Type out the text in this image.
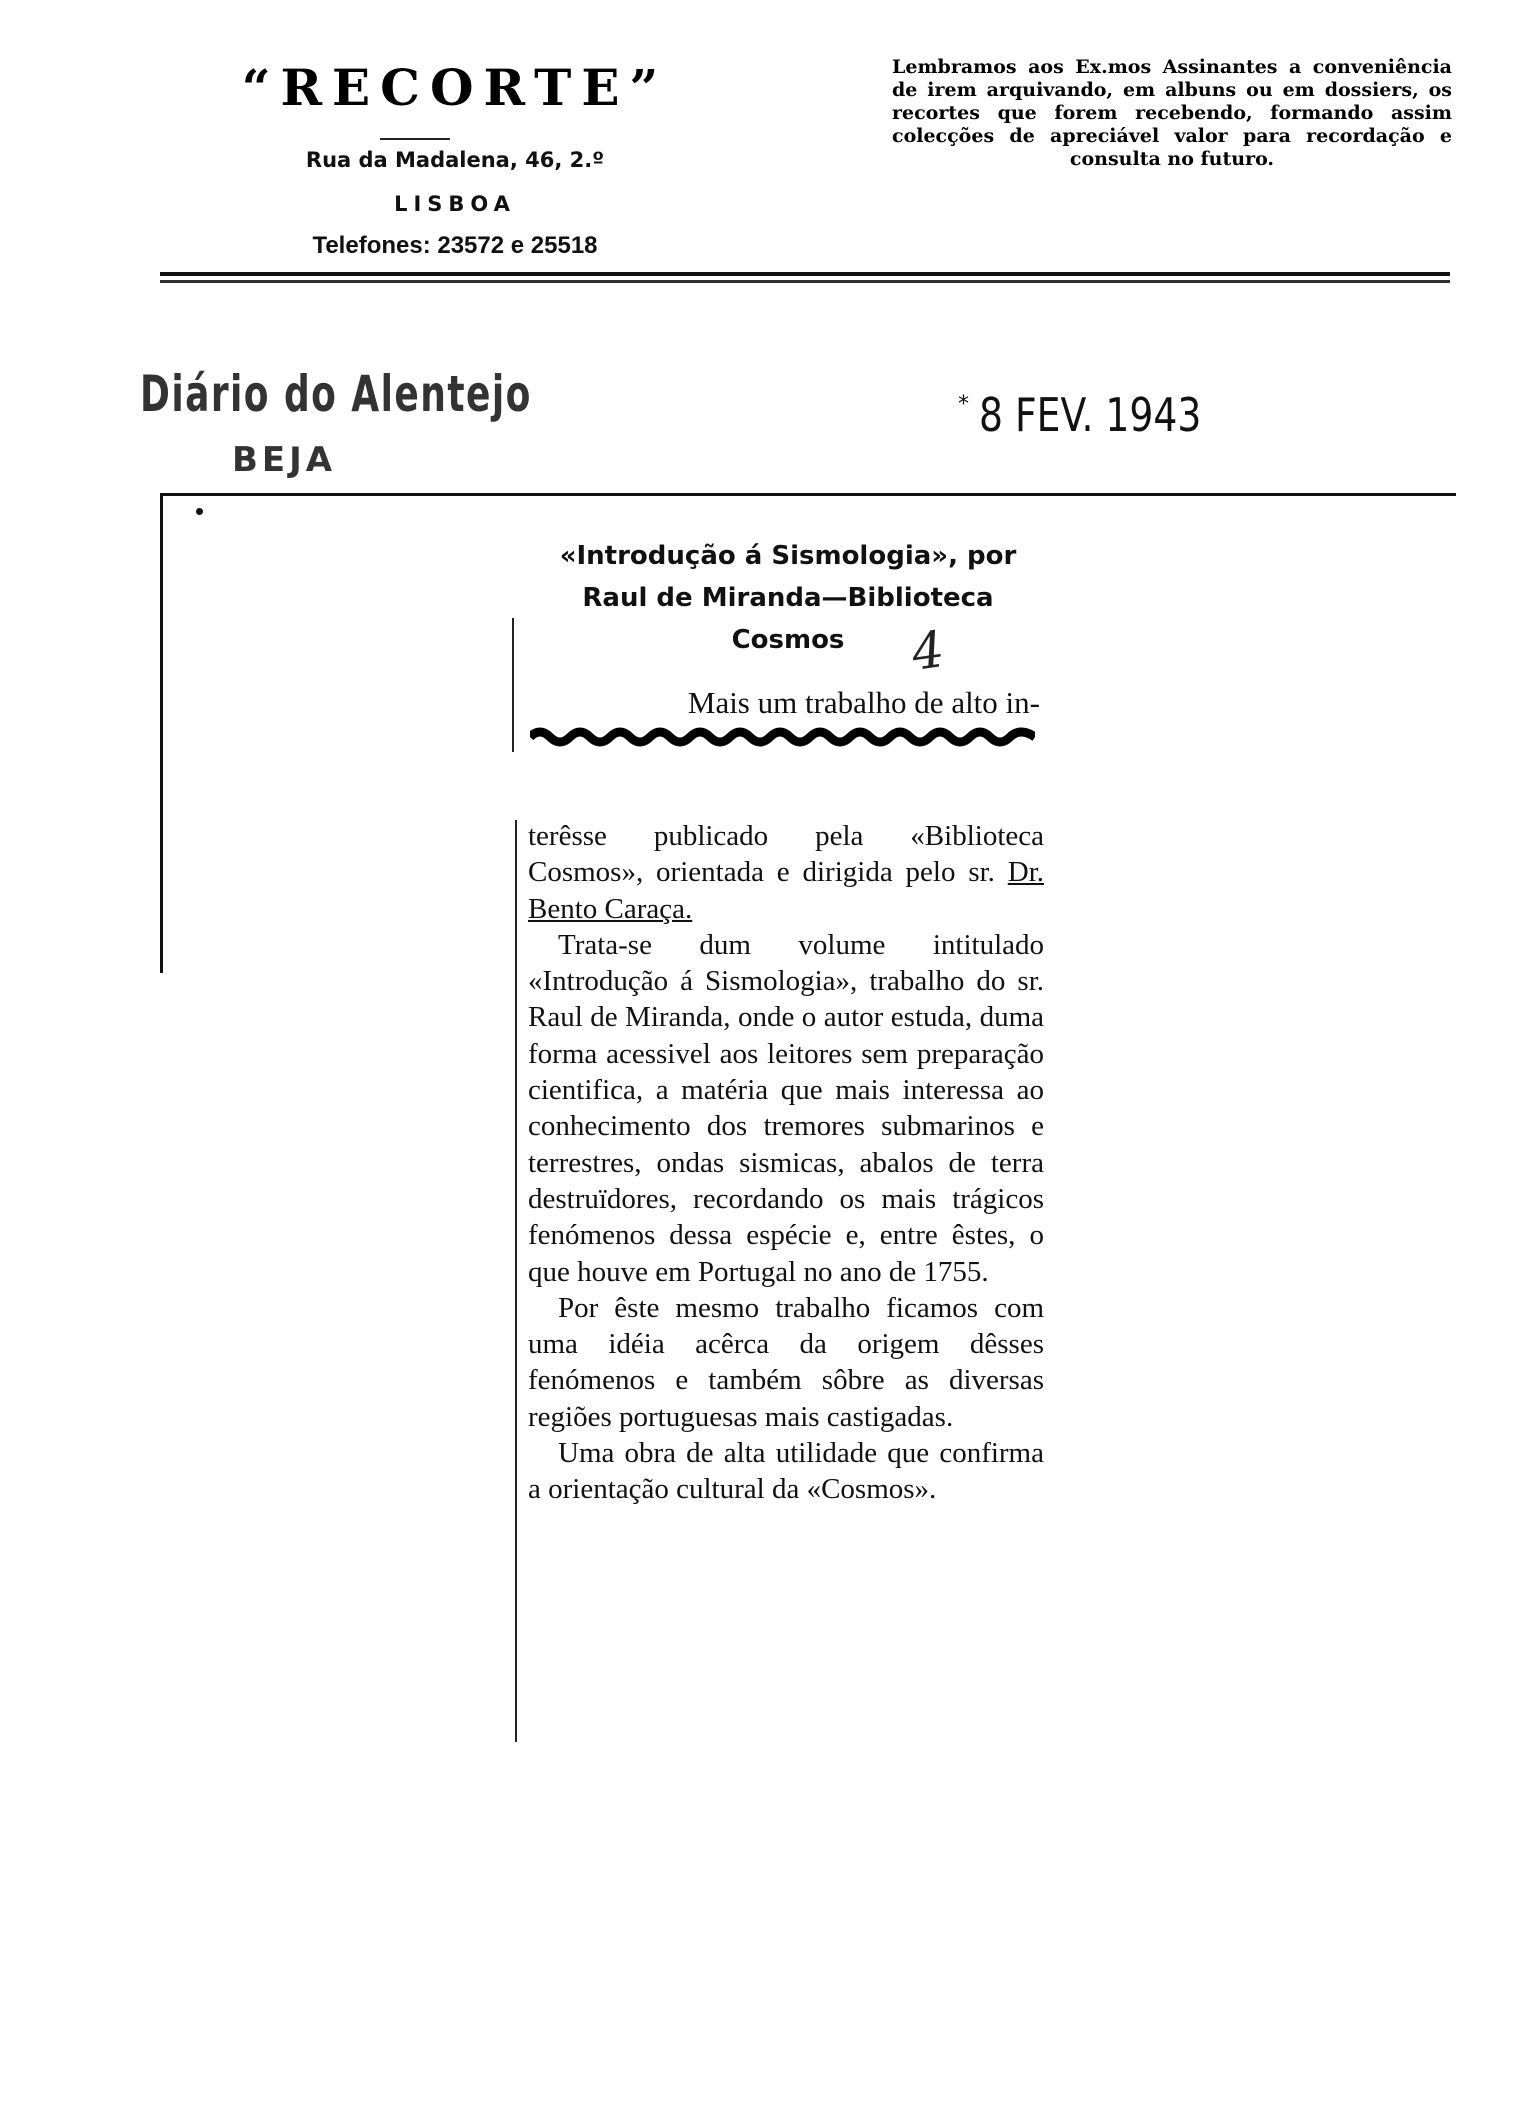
“RECORTE”
Rua da Madalena, 46, 2.º
LISBOA
Telefones: 23572 e 25518
Lembramos aos Ex.mos Assinantes a conveniência de irem arquivando, em albuns ou em dossiers, os recortes que forem recebendo, formando assim colecções de apreciável valor para recordação e consulta no futuro.
Diário do Alentejo
BEJA
* 8 FEV. 1943
«Introdução á Sismologia», por
Raul de Miranda—Biblioteca
Cosmos	4
Mais um trabalho de alto in-

terêsse publicado pela «Biblioteca Cosmos», orientada e dirigida pelo sr. Dr. Bento Caraça.

Trata-se dum volume intitulado «Introdução á Sismologia», trabalho do sr. Raul de Miranda, onde o autor estuda, duma forma acessivel aos leitores sem preparação cientifica, a matéria que mais interessa ao conhecimento dos tremores submarinos e terrestres, ondas sismicas, abalos de terra destruïdores, recordando os mais trágicos fenómenos dessa espécie e, entre êstes, o que houve em Portugal no ano de 1755.

Por êste mesmo trabalho ficamos com uma idéia acêrca da origem dêsses fenómenos e também sôbre as diversas regiões portuguesas mais castigadas.

Uma obra de alta utilidade que confirma a orientação cultural da «Cosmos».
